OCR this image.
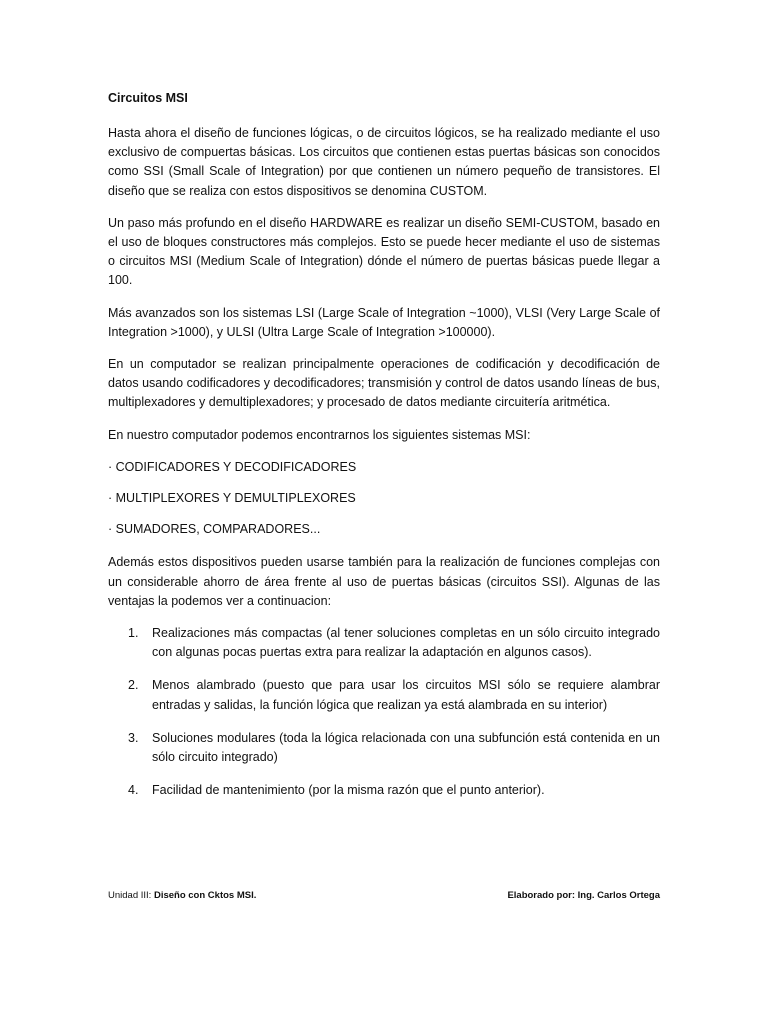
Circuitos MSI

Hasta ahora el diseño de funciones lógicas, o de circuitos lógicos, se ha realizado mediante el uso exclusivo de compuertas básicas. Los circuitos que contienen estas puertas básicas son conocidos como SSI (Small Scale of Integration) por que contienen un número pequeño de transistores. El diseño que se realiza con estos dispositivos se denomina CUSTOM.

Un paso más profundo en el diseño HARDWARE es realizar un diseño SEMI-CUSTOM, basado en el uso de bloques constructores más complejos. Esto se puede hecer mediante el uso de sistemas o circuitos MSI (Medium Scale of Integration) dónde el número de puertas básicas puede llegar a 100.

Más avanzados son los sistemas LSI (Large Scale of Integration ~1000), VLSI (Very Large Scale of Integration >1000), y ULSI (Ultra Large Scale of Integration >100000).

En un computador se realizan principalmente operaciones de codificación y decodificación de datos usando codificadores y decodificadores; transmisión y control de datos usando líneas de bus, multiplexadores y demultiplexadores; y procesado de datos mediante circuitería aritmética.

En nuestro computador podemos encontrarnos los siguientes sistemas MSI:

· CODIFICADORES Y DECODIFICADORES
· MULTIPLEXORES Y DEMULTIPLEXORES
· SUMADORES, COMPARADORES...

Además estos dispositivos pueden usarse también para la realización de funciones complejas con un considerable ahorro de área frente al uso de puertas básicas (circuitos SSI). Algunas de las ventajas la podemos ver a continuacion:

1. Realizaciones más compactas (al tener soluciones completas en un sólo circuito integrado con algunas pocas puertas extra para realizar la adaptación en algunos casos).
2. Menos alambrado (puesto que para usar los circuitos MSI sólo se requiere alambrar entradas y salidas, la función lógica que realizan ya está alambrada en su interior)
3. Soluciones modulares (toda la lógica relacionada con una subfunción está contenida en un sólo circuito integrado)
4. Facilidad de mantenimiento (por la misma razón que el punto anterior).
Unidad III: Diseño con Cktos MSI.	Elaborado por: Ing. Carlos Ortega
